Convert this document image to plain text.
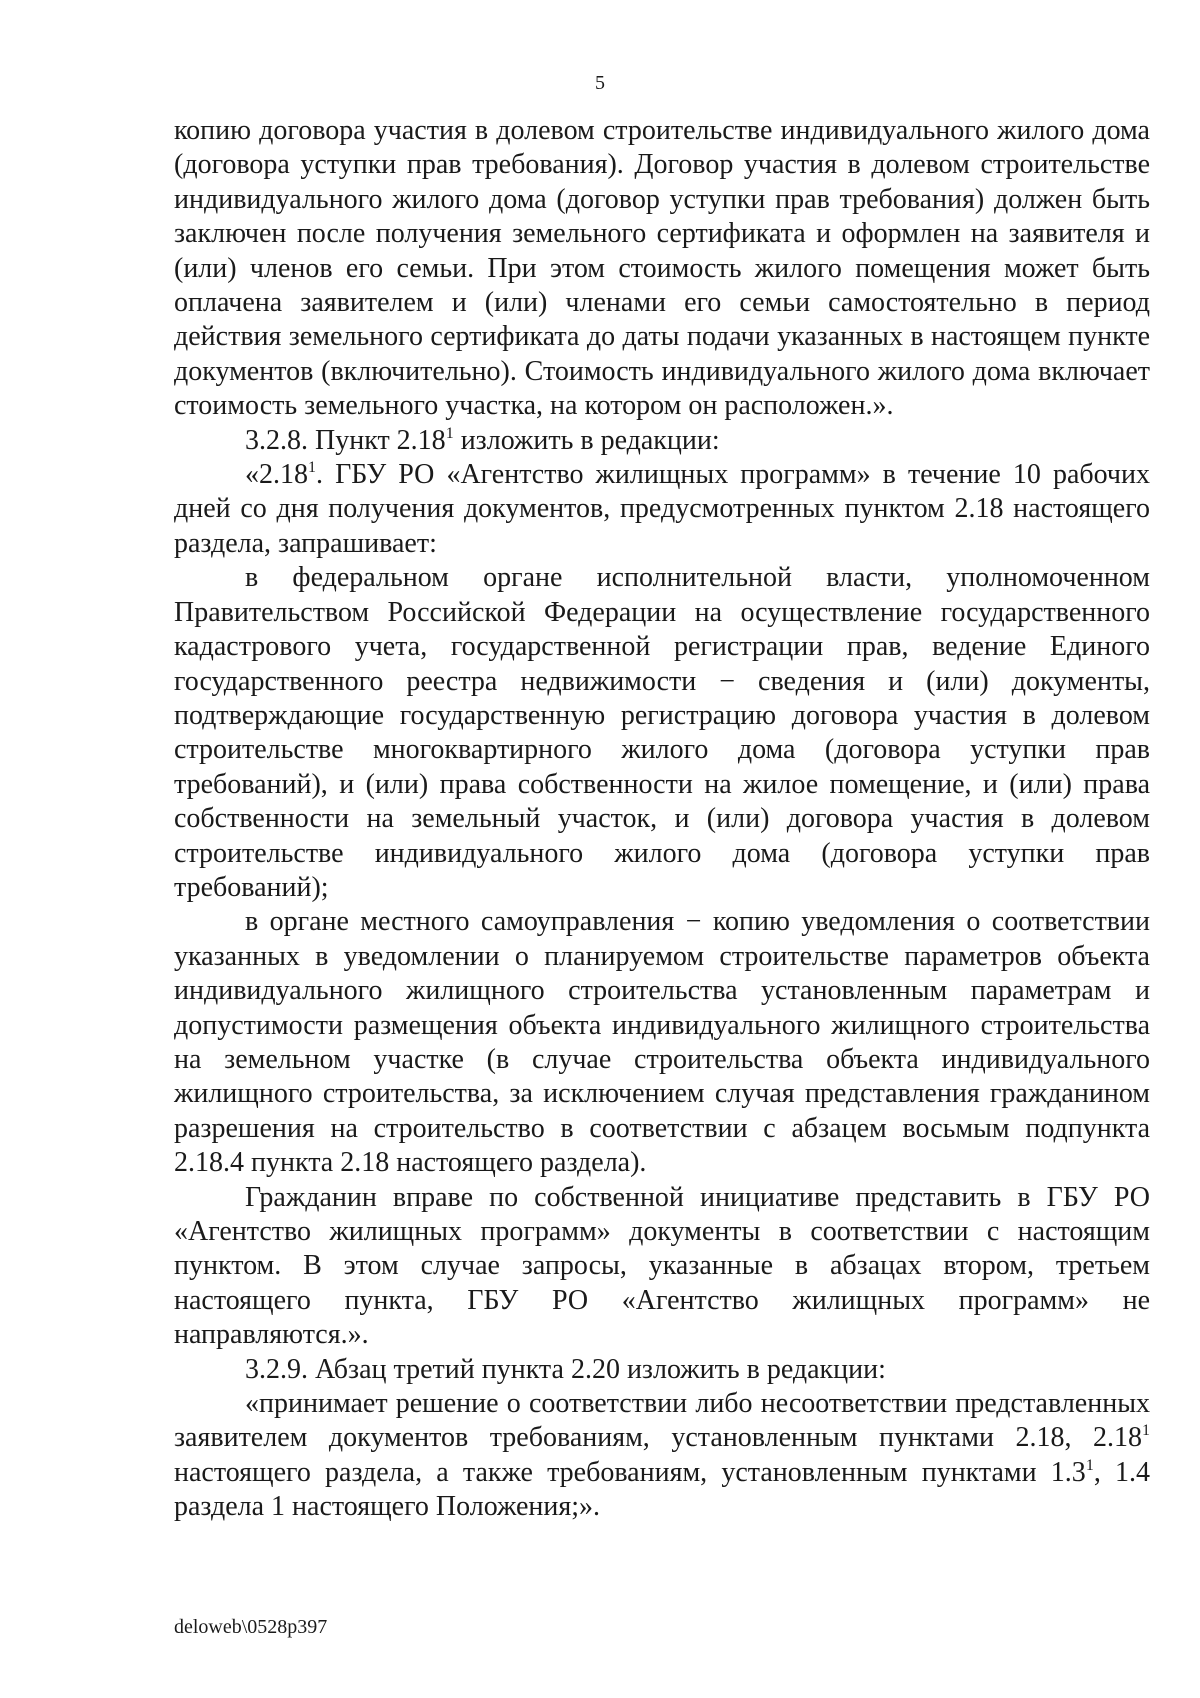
5

копию договора участия в долевом строительстве индивидуального жилого дома (договора уступки прав требования). Договор участия в долевом строительстве индивидуального жилого дома (договор уступки прав требования) должен быть заключен после получения земельного сертификата и оформлен на заявителя и (или) членов его семьи. При этом стоимость жилого помещения может быть оплачена заявителем и (или) членами его семьи самостоятельно в период действия земельного сертификата до даты подачи указанных в настоящем пункте документов (включительно). Стоимость индивидуального жилого дома включает стоимость земельного участка, на котором он расположен.».

3.2.8. Пункт 2.18$^1$ изложить в редакции:

«2.18$^1$. ГБУ РО «Агентство жилищных программ» в течение 10 рабочих дней со дня получения документов, предусмотренных пунктом 2.18 настоящего раздела, запрашивает:

в федеральном органе исполнительной власти, уполномоченном Правительством Российской Федерации на осуществление государственного кадастрового учета, государственной регистрации прав, ведение Единого государственного реестра недвижимости − сведения и (или) документы, подтверждающие государственную регистрацию договора участия в долевом строительстве многоквартирного жилого дома (договора уступки прав требований), и (или) права собственности на жилое помещение, и (или) права собственности на земельный участок, и (или) договора участия в долевом строительстве индивидуального жилого дома (договора уступки прав требований);

в органе местного самоуправления − копию уведомления о соответствии указанных в уведомлении о планируемом строительстве параметров объекта индивидуального жилищного строительства установленным параметрам и допустимости размещения объекта индивидуального жилищного строительства на земельном участке (в случае строительства объекта индивидуального жилищного строительства, за исключением случая представления гражданином разрешения на строительство в соответствии с абзацем восьмым подпункта 2.18.4 пункта 2.18 настоящего раздела).

Гражданин вправе по собственной инициативе представить в ГБУ РО «Агентство жилищных программ» документы в соответствии с настоящим пунктом. В этом случае запросы, указанные в абзацах втором, третьем настоящего пункта, ГБУ РО «Агентство жилищных программ» не направляются.».

3.2.9. Абзац третий пункта 2.20 изложить в редакции:

«принимает решение о соответствии либо несоответствии представленных заявителем документов требованиям, установленным пунктами 2.18, 2.18$^1$ настоящего раздела, а также требованиям, установленным пунктами $1.3^1$, 1.4 раздела 1 настоящего Положения;».

deloweb\0528p397
